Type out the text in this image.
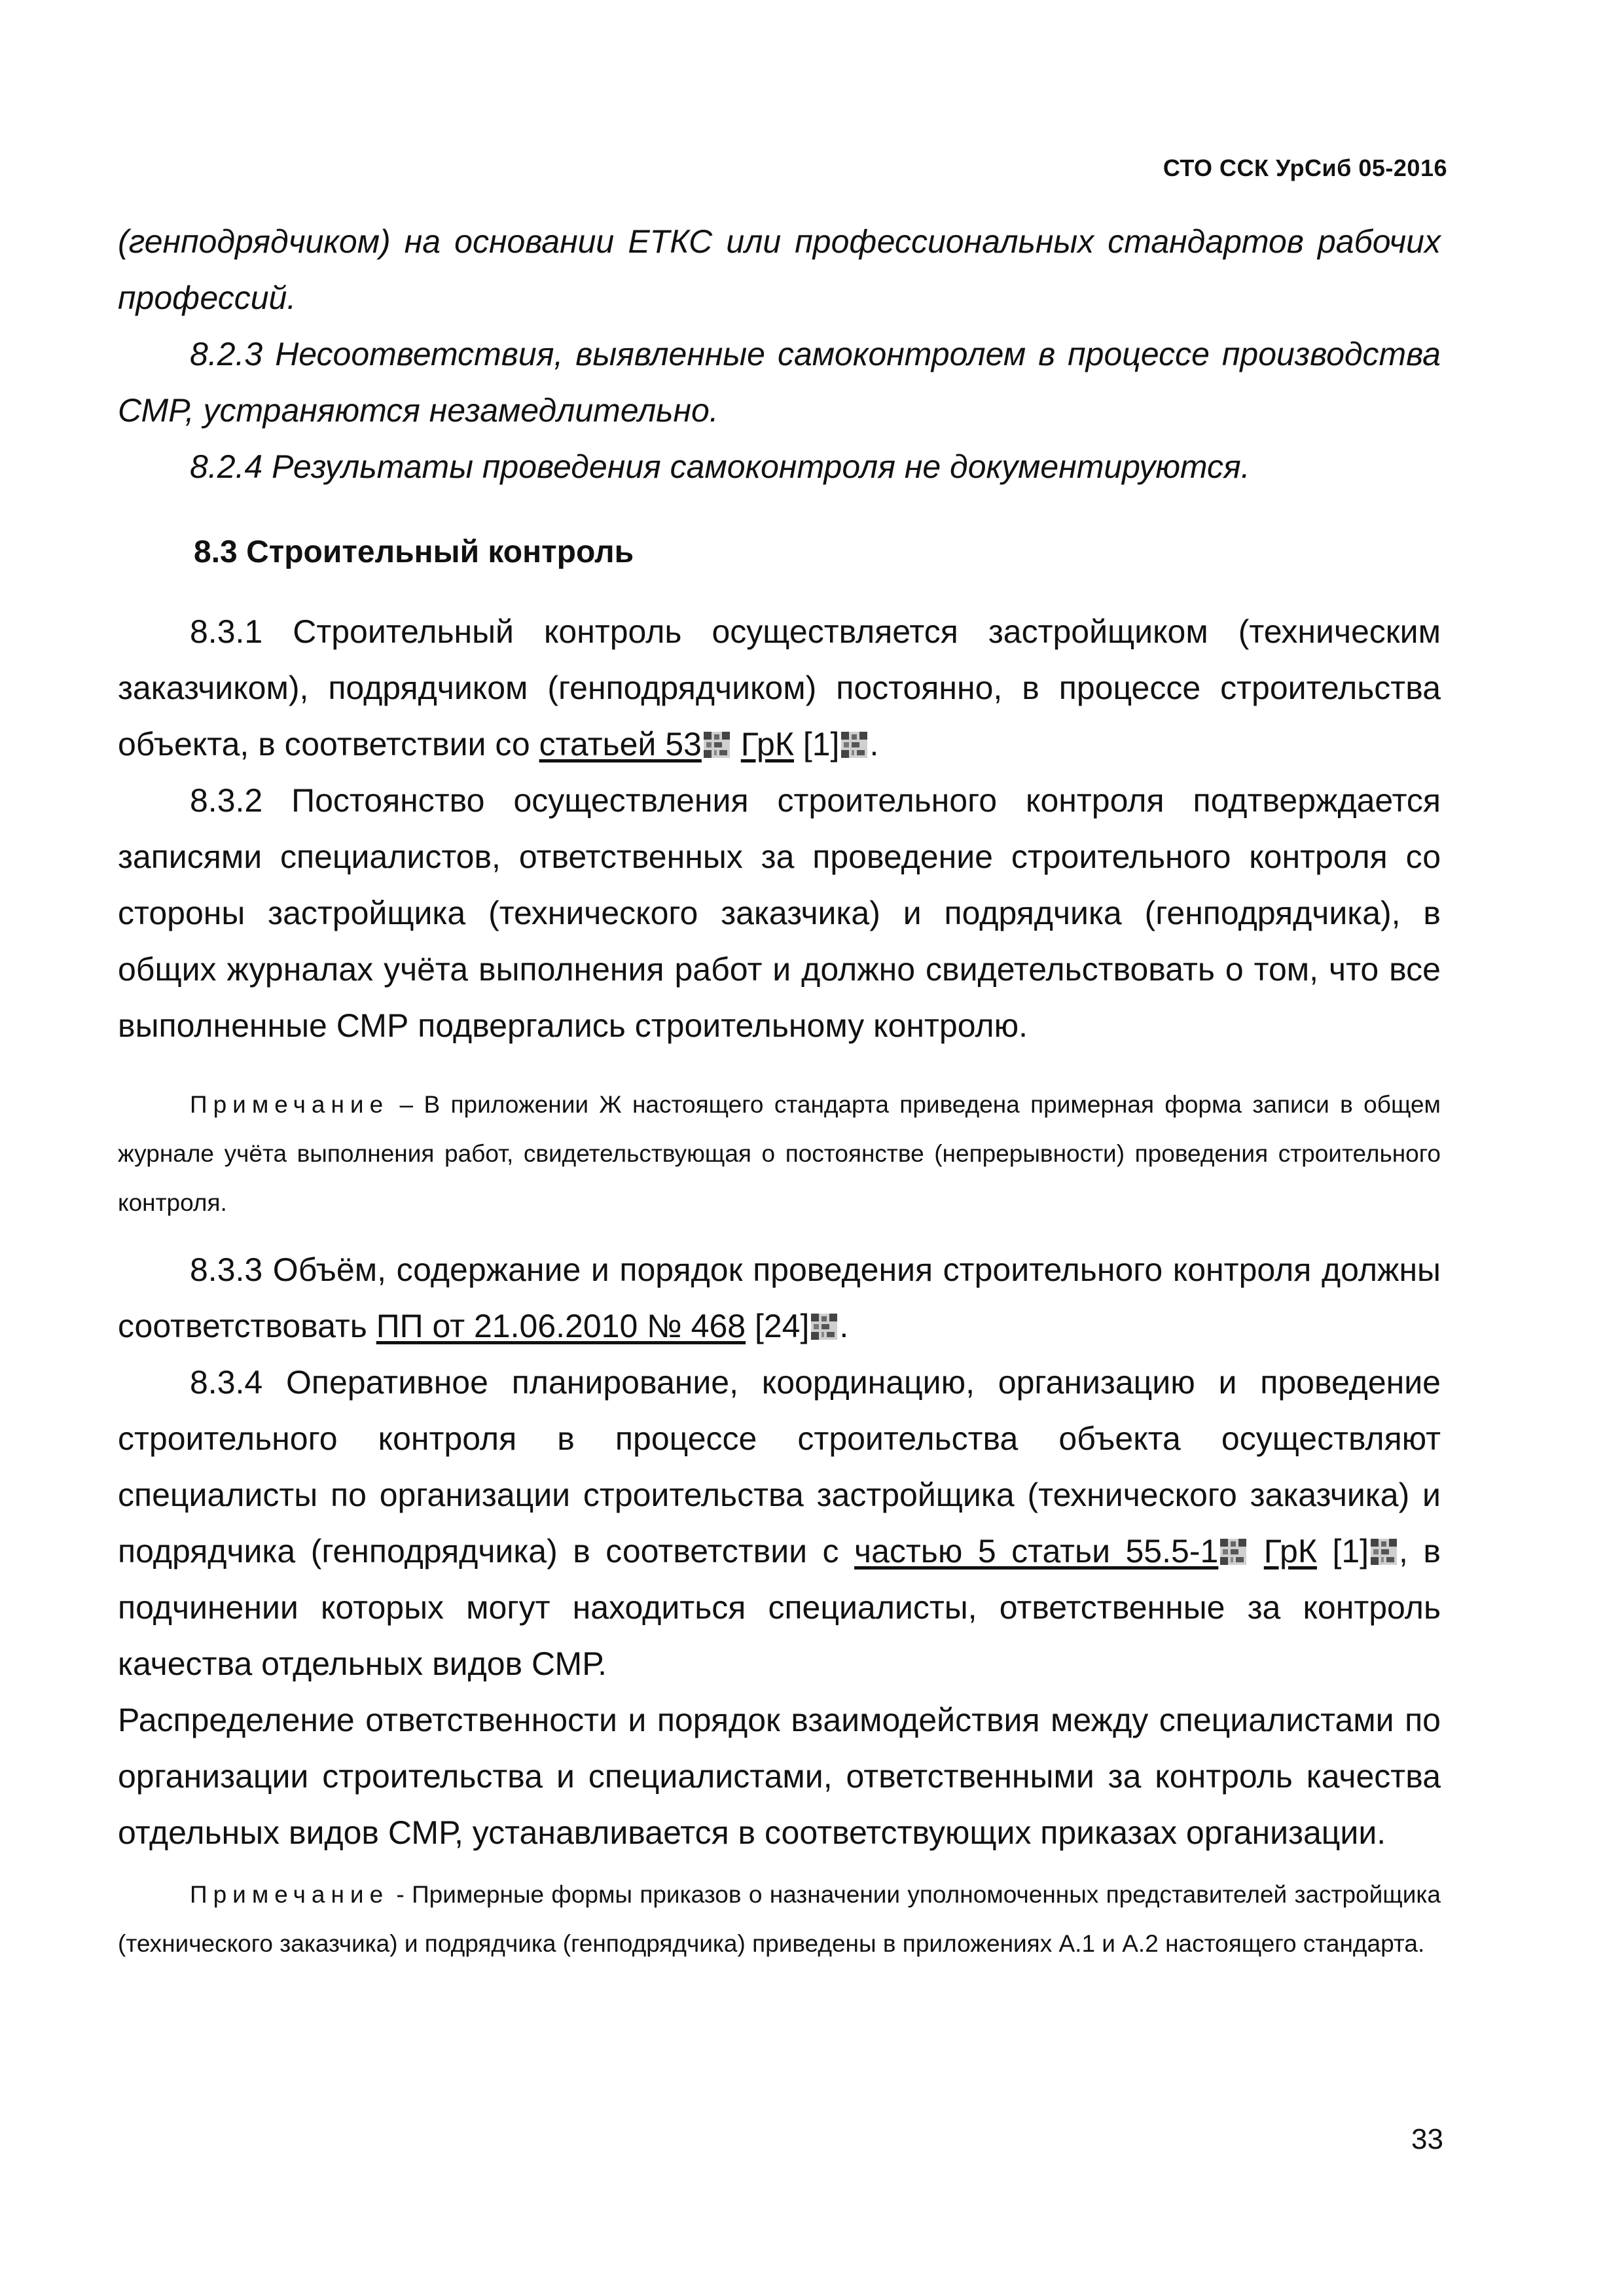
СТО ССК УрСиб 05-2016

(генподрядчиком) на основании ЕТКС или профессиональных стандартов рабочих профессий.

8.2.3 Несоответствия, выявленные самоконтролем в процессе производства СМР, устраняются незамедлительно.

8.2.4 Результаты проведения самоконтроля не документируются.

8.3 Строительный контроль

8.3.1 Строительный контроль осуществляется застройщиком (техническим заказчиком), подрядчиком (генподрядчиком) постоянно, в процессе строительства объекта, в соответствии со статьей 53 ГрК [1] .

8.3.2 Постоянство осуществления строительного контроля подтверждается записями специалистов, ответственных за проведение строительного контроля со стороны застройщика (технического заказчика) и подрядчика (генподрядчика), в общих журналах учёта выполнения работ и должно свидетельствовать о том, что все выполненные СМР подвергались строительному контролю.

Примечание – В приложении Ж настоящего стандарта приведена примерная форма записи в общем журнале учёта выполнения работ, свидетельствующая о постоянстве (непрерывности) проведения строительного контроля.

8.3.3 Объём, содержание и порядок проведения строительного контроля должны соответствовать ПП от 21.06.2010 № 468 [24] .

8.3.4 Оперативное планирование, координацию, организацию и проведение строительного контроля в процессе строительства объекта осуществляют специалисты по организации строительства застройщика (технического заказчика) и подрядчика (генподрядчика) в соответствии с частью 5 статьи 55.5-1 ГрК [1] , в подчинении которых могут находиться специалисты, ответственные за контроль качества отдельных видов СМР.

Распределение ответственности и порядок взаимодействия между специалистами по организации строительства и специалистами, ответственными за контроль качества отдельных видов СМР, устанавливается в соответствующих приказах организации.

Примечание - Примерные формы приказов о назначении уполномоченных представителей застройщика (технического заказчика) и подрядчика (генподрядчика) приведены в приложениях А.1 и А.2 настоящего стандарта.

33
